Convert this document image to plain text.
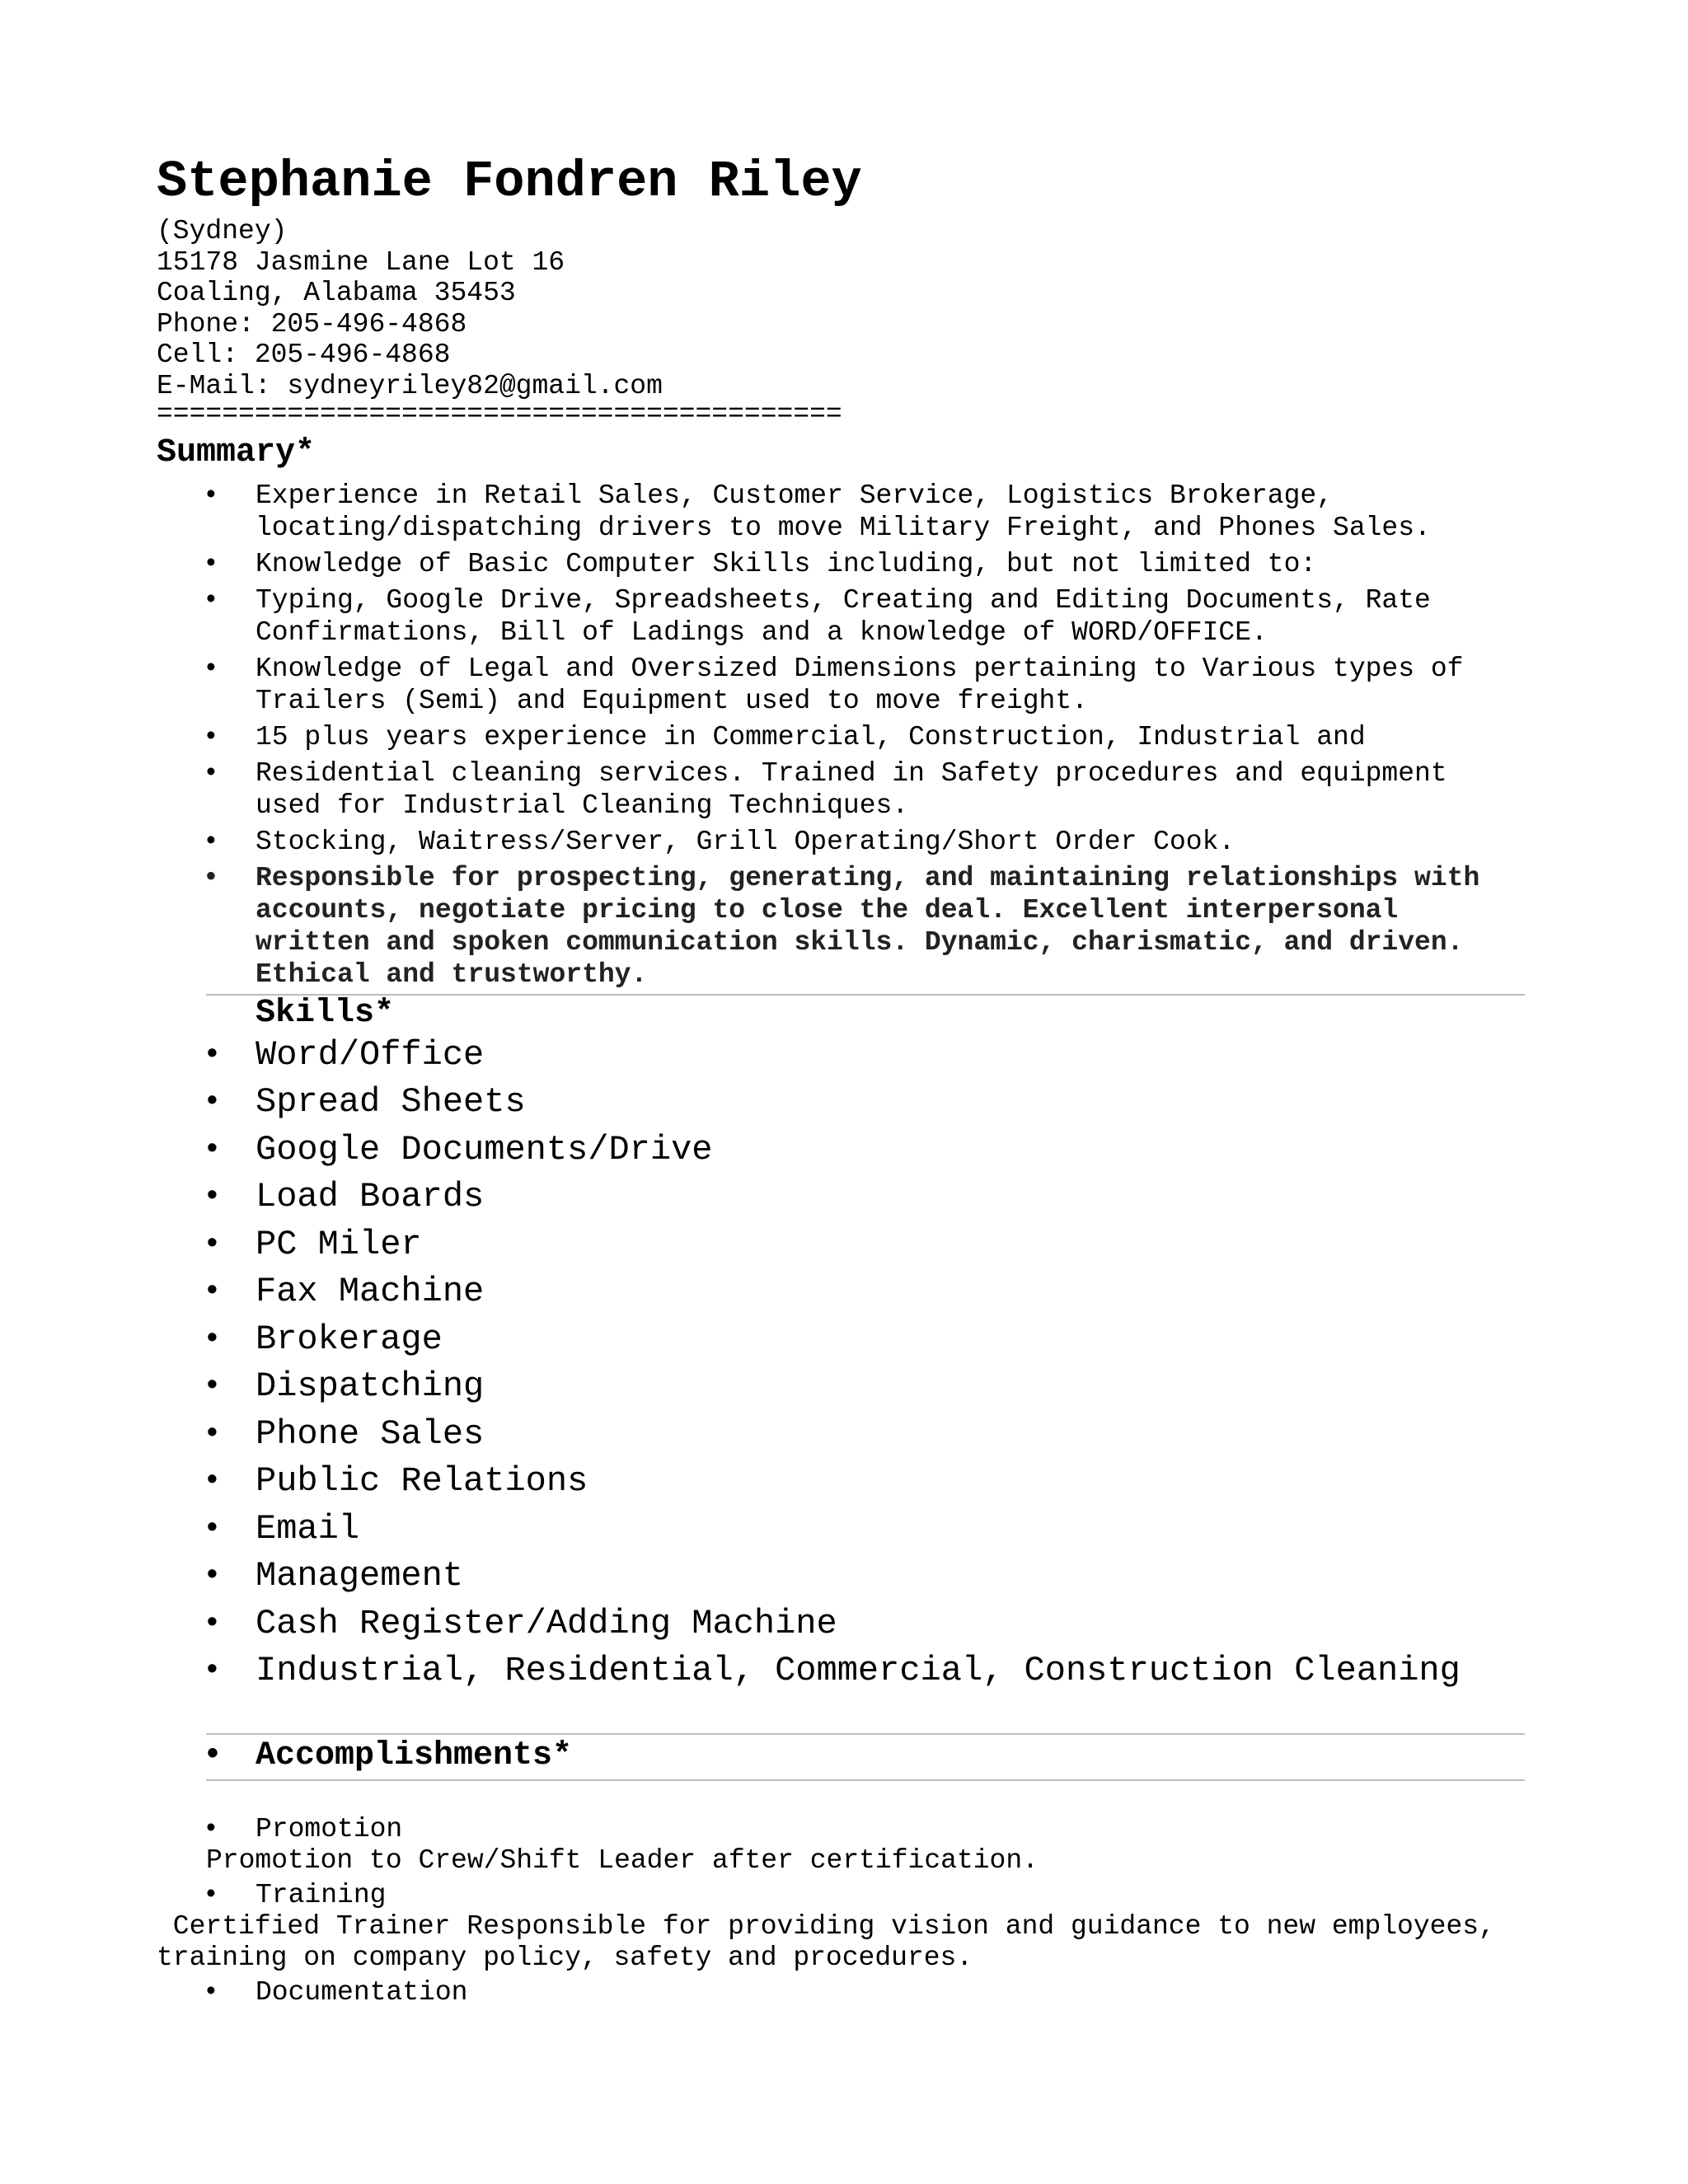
Stephanie Fondren Riley
(Sydney)
15178 Jasmine Lane Lot 16
Coaling, Alabama 35453
Phone: 205-496-4868
Cell: 205-496-4868
E-Mail: sydneyriley82@gmail.com
==========================================
Summary*
• Experience in Retail Sales, Customer Service, Logistics Brokerage, locating/dispatching drivers to move Military Freight, and Phones Sales.
• Knowledge of Basic Computer Skills including, but not limited to:
• Typing, Google Drive, Spreadsheets, Creating and Editing Documents, Rate Confirmations, Bill of Ladings and a knowledge of WORD/OFFICE.
• Knowledge of Legal and Oversized Dimensions pertaining to Various types of Trailers (Semi) and Equipment used to move freight.
• 15 plus years experience in Commercial, Construction, Industrial and
• Residential cleaning services. Trained in Safety procedures and equipment used for Industrial Cleaning Techniques.
• Stocking, Waitress/Server, Grill Operating/Short Order Cook.
• Responsible for prospecting, generating, and maintaining relationships with accounts, negotiate pricing to close the deal. Excellent interpersonal written and spoken communication skills. Dynamic, charismatic, and driven. Ethical and trustworthy.
Skills*
• Word/Office
• Spread Sheets
• Google Documents/Drive
• Load Boards
• PC Miler
• Fax Machine
• Brokerage
• Dispatching
• Phone Sales
• Public Relations
• Email
• Management
• Cash Register/Adding Machine
• Industrial, Residential, Commercial, Construction Cleaning
• Accomplishments*
• Promotion
Promotion to Crew/Shift Leader after certification.
• Training
Certified Trainer Responsible for providing vision and guidance to new employees,
training on company policy, safety and procedures.
• Documentation
